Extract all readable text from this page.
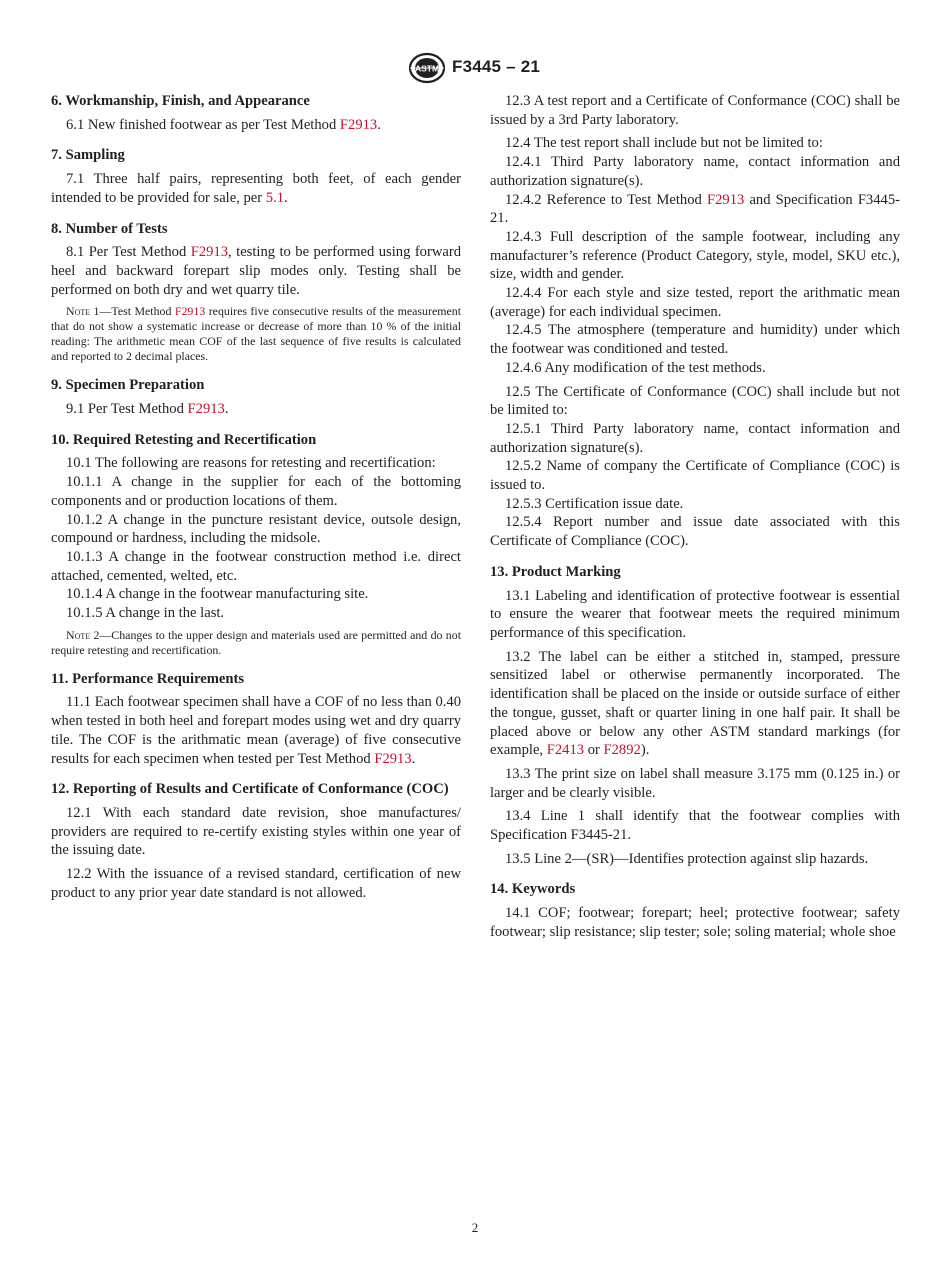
ASTM F3445 – 21
6. Workmanship, Finish, and Appearance
6.1 New finished footwear as per Test Method F2913.
7. Sampling
7.1 Three half pairs, representing both feet, of each gender intended to be provided for sale, per 5.1.
8. Number of Tests
8.1 Per Test Method F2913, testing to be performed using forward heel and backward forepart slip modes only. Testing shall be performed on both dry and wet quarry tile.
Note 1—Test Method F2913 requires five consecutive results of the measurement that do not show a systematic increase or decrease of more than 10 % of the initial reading: The arithmetic mean COF of the last sequence of five results is calculated and reported to 2 decimal places.
9. Specimen Preparation
9.1 Per Test Method F2913.
10. Required Retesting and Recertification
10.1 The following are reasons for retesting and recertification:
10.1.1 A change in the supplier for each of the bottoming components and or production locations of them.
10.1.2 A change in the puncture resistant device, outsole design, compound or hardness, including the midsole.
10.1.3 A change in the footwear construction method i.e. direct attached, cemented, welted, etc.
10.1.4 A change in the footwear manufacturing site.
10.1.5 A change in the last.
Note 2—Changes to the upper design and materials used are permitted and do not require retesting and recertification.
11. Performance Requirements
11.1 Each footwear specimen shall have a COF of no less than 0.40 when tested in both heel and forepart modes using wet and dry quarry tile. The COF is the arithmatic mean (average) of five consecutive results for each specimen when tested per Test Method F2913.
12. Reporting of Results and Certificate of Conformance (COC)
12.1 With each standard date revision, shoe manufactures/ providers are required to re-certify existing styles within one year of the issuing date.
12.2 With the issuance of a revised standard, certification of new product to any prior year date standard is not allowed.
12.3 A test report and a Certificate of Conformance (COC) shall be issued by a 3rd Party laboratory.
12.4 The test report shall include but not be limited to:
12.4.1 Third Party laboratory name, contact information and authorization signature(s).
12.4.2 Reference to Test Method F2913 and Specification F3445-21.
12.4.3 Full description of the sample footwear, including any manufacturer’s reference (Product Category, style, model, SKU etc.), size, width and gender.
12.4.4 For each style and size tested, report the arithmatic mean (average) for each individual specimen.
12.4.5 The atmosphere (temperature and humidity) under which the footwear was conditioned and tested.
12.4.6 Any modification of the test methods.
12.5 The Certificate of Conformance (COC) shall include but not be limited to:
12.5.1 Third Party laboratory name, contact information and authorization signature(s).
12.5.2 Name of company the Certificate of Compliance (COC) is issued to.
12.5.3 Certification issue date.
12.5.4 Report number and issue date associated with this Certificate of Compliance (COC).
13. Product Marking
13.1 Labeling and identification of protective footwear is essential to ensure the wearer that footwear meets the required minimum performance of this specification.
13.2 The label can be either a stitched in, stamped, pressure sensitized label or otherwise permanently incorporated. The identification shall be placed on the inside or outside surface of either the tongue, gusset, shaft or quarter lining in one half pair. It shall be placed above or below any other ASTM standard markings (for example, F2413 or F2892).
13.3 The print size on label shall measure 3.175 mm (0.125 in.) or larger and be clearly visible.
13.4 Line 1 shall identify that the footwear complies with Specification F3445-21.
13.5 Line 2—(SR)—Identifies protection against slip hazards.
14. Keywords
14.1 COF; footwear; forepart; heel; protective footwear; safety footwear; slip resistance; slip tester; sole; soling material; whole shoe
2
